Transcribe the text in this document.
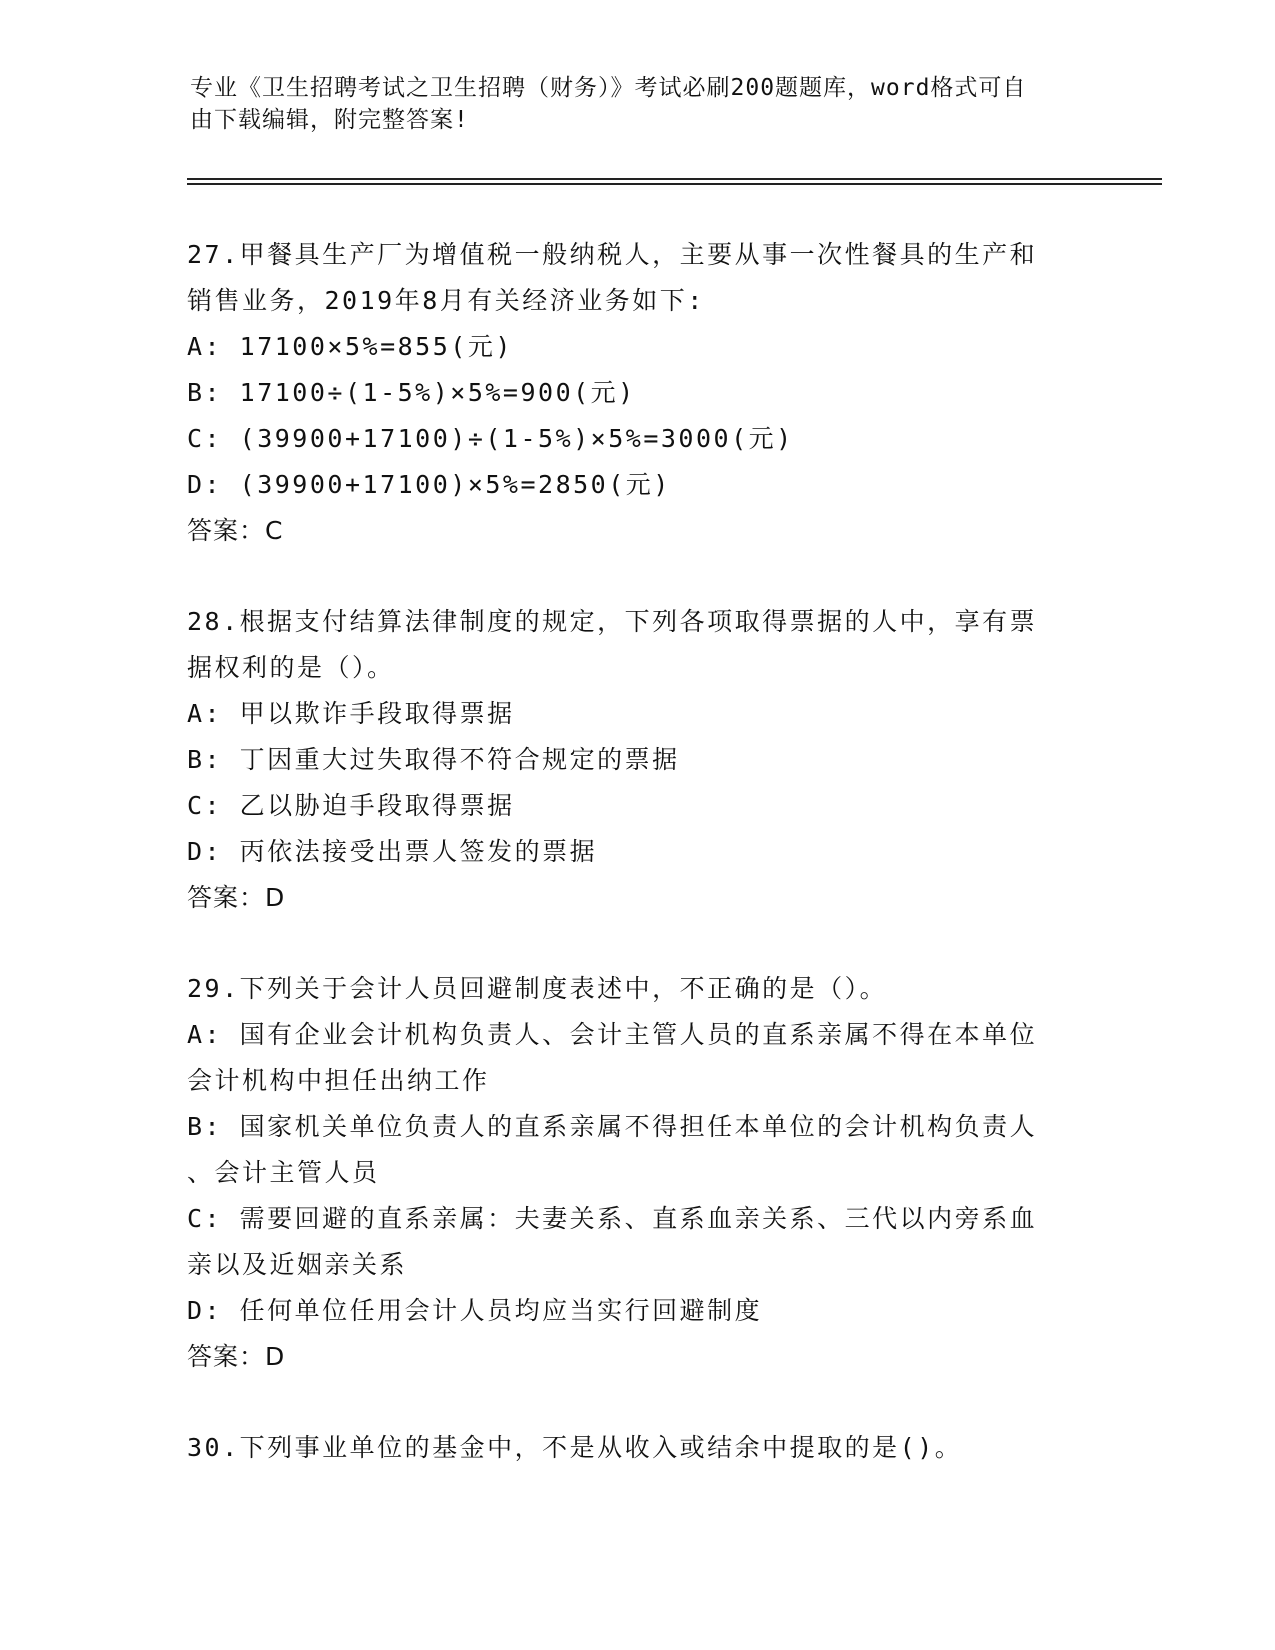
专业《卫生招聘考试之卫生招聘（财务）》考试必刷200题题库，word格式可自
由下载编辑，附完整答案!
27.甲餐具生产厂为增值税一般纳税人，主要从事一次性餐具的生产和
销售业务，2019年8月有关经济业务如下:
A: 17100×5%=855(元)
B: 17100÷(1-5%)×5%=900(元)
C: (39900+17100)÷(1-5%)×5%=3000(元)
D: (39900+17100)×5%=2850(元)
答案：C
28.根据支付结算法律制度的规定，下列各项取得票据的人中，享有票
据权利的是（）。
A: 甲以欺诈手段取得票据
B: 丁因重大过失取得不符合规定的票据
C: 乙以胁迫手段取得票据
D: 丙依法接受出票人签发的票据
答案：D
29.下列关于会计人员回避制度表述中，不正确的是（）。
A: 国有企业会计机构负责人、会计主管人员的直系亲属不得在本单位
会计机构中担任出纳工作
B: 国家机关单位负责人的直系亲属不得担任本单位的会计机构负责人
、会计主管人员
C: 需要回避的直系亲属：夫妻关系、直系血亲关系、三代以内旁系血
亲以及近姻亲关系
D: 任何单位任用会计人员均应当实行回避制度
答案：D
30.下列事业单位的基金中，不是从收入或结余中提取的是()。
